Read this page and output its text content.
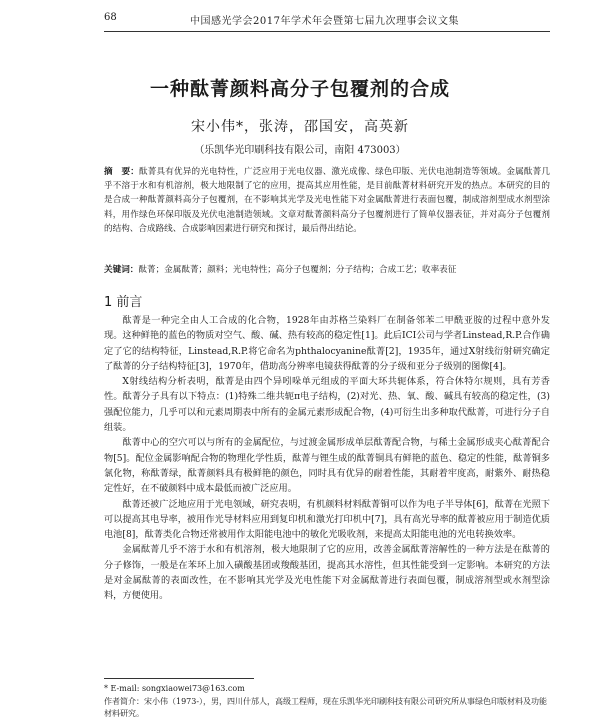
68	中国感光学会2017年学术年会暨第七届九次理事会议文集
一种酞菁颜料高分子包覆剂的合成
宋小伟*，张涛，邵国安，高英新
（乐凯华光印刷科技有限公司，南阳 473003）
摘　要：酞菁具有优异的光电特性，广泛应用于光电仪器、激光成像、绿色印版、光伏电池制造等领域。金属酞菁几乎不溶于水和有机溶剂，极大地限制了它的应用，提高其应用性能，是目前酞菁材料研究开发的热点。本研究的目的是合成一种酞菁颜料高分子包覆剂，在不影响其光学及光电性能下对金属酞菁进行表面包覆，制成溶剂型成水剂型涂料，用作绿色环保印版及光伏电池制造领域。文章对酞菁颜料高分子包覆剂进行了简单仪器表征，并对高分子包覆剂的结构、合成路线、合成影响因素进行研究和探讨，最后得出结论。
关键词：酞菁；金属酞菁；颜料；光电特性；高分子包覆剂；分子结构；合成工艺；收率表征
1 前言

酞菁是一种完全由人工合成的化合物，1928年由苏格兰染料厂在制备邻苯二甲酰亚胺的过程中意外发现。这种鲜艳的蓝色的物质对空气、酸、碱、热有较高的稳定性[1]。此后ICI公司与学者Linstead,R.P.合作确定了它的结构特征，Linstead,R.P.将它命名为phthalocyanine酞菁[2]，1935年，通过X射线衍射研究确定了酞菁的分子结构特征[3]，1970年，借助高分辨率电镜获得酞菁的分子级和亚分子级别的图像[4]。

X射线结构分析表明，酞菁是由四个异吲哚单元组成的平面大环共轭体系，符合休特尔规则，具有芳香性。酞菁分子具有以下特点：(1)特殊二维共轭π电子结构，(2)对光、热、氧、酸、碱具有较高的稳定性，(3)强配位能力，几乎可以和元素周期表中所有的金属元素形成配合物，(4)可衍生出多种取代酞菁，可进行分子自组装。

酞菁中心的空穴可以与所有的金属配位，与过渡金属形成单层酞菁配合物，与稀土金属形成夹心酞菁配合物[5]。配位金属影响配合物的物理化学性质，酞菁与锂生成的酞菁铜具有鲜艳的蓝色、稳定的性能，酞菁铜多氯化物，称酞菁绿，酞菁颜料具有极鲜艳的颜色，同时具有优异的耐着性能，其耐着牢度高，耐紫外、耐热稳定性好，在不破颜料中成本最低而被广泛应用。

酞菁还被广泛地应用于光电领域，研究表明，有机颜料材料酞菁铜可以作为电子半导体[6]，酞菁在光照下可以提高其电导率，被用作光导材料应用到复印机和激光打印机中[7]，具有高光导率的酞菁被应用于制造优质电池[8]，酞菁类化合物还常被用作太阳能电池中的敏化光吸收剂，来提高太阳能电池的光电转换效率。

金属酞菁几乎不溶于水和有机溶剂，极大地限制了它的应用，改善金属酞菁溶解性的一种方法是在酞菁的分子修饰，一般是在苯环上加入磺酸基团或羧酸基团，提高其水溶性，但其性能受到一定影响。本研究的方法是对金属酞菁的表面改性，在不影响其光学及光电性能下对金属酞菁进行表面包覆，制成溶剂型或水剂型涂料，方便使用。

* E-mail: songxiaowei73@163.com
作者简介：宋小伟（1973-），男，四川什邡人，高级工程师，现在乐凯华光印刷科技有限公司研究所从事绿色印版材料及功能材料研究。
